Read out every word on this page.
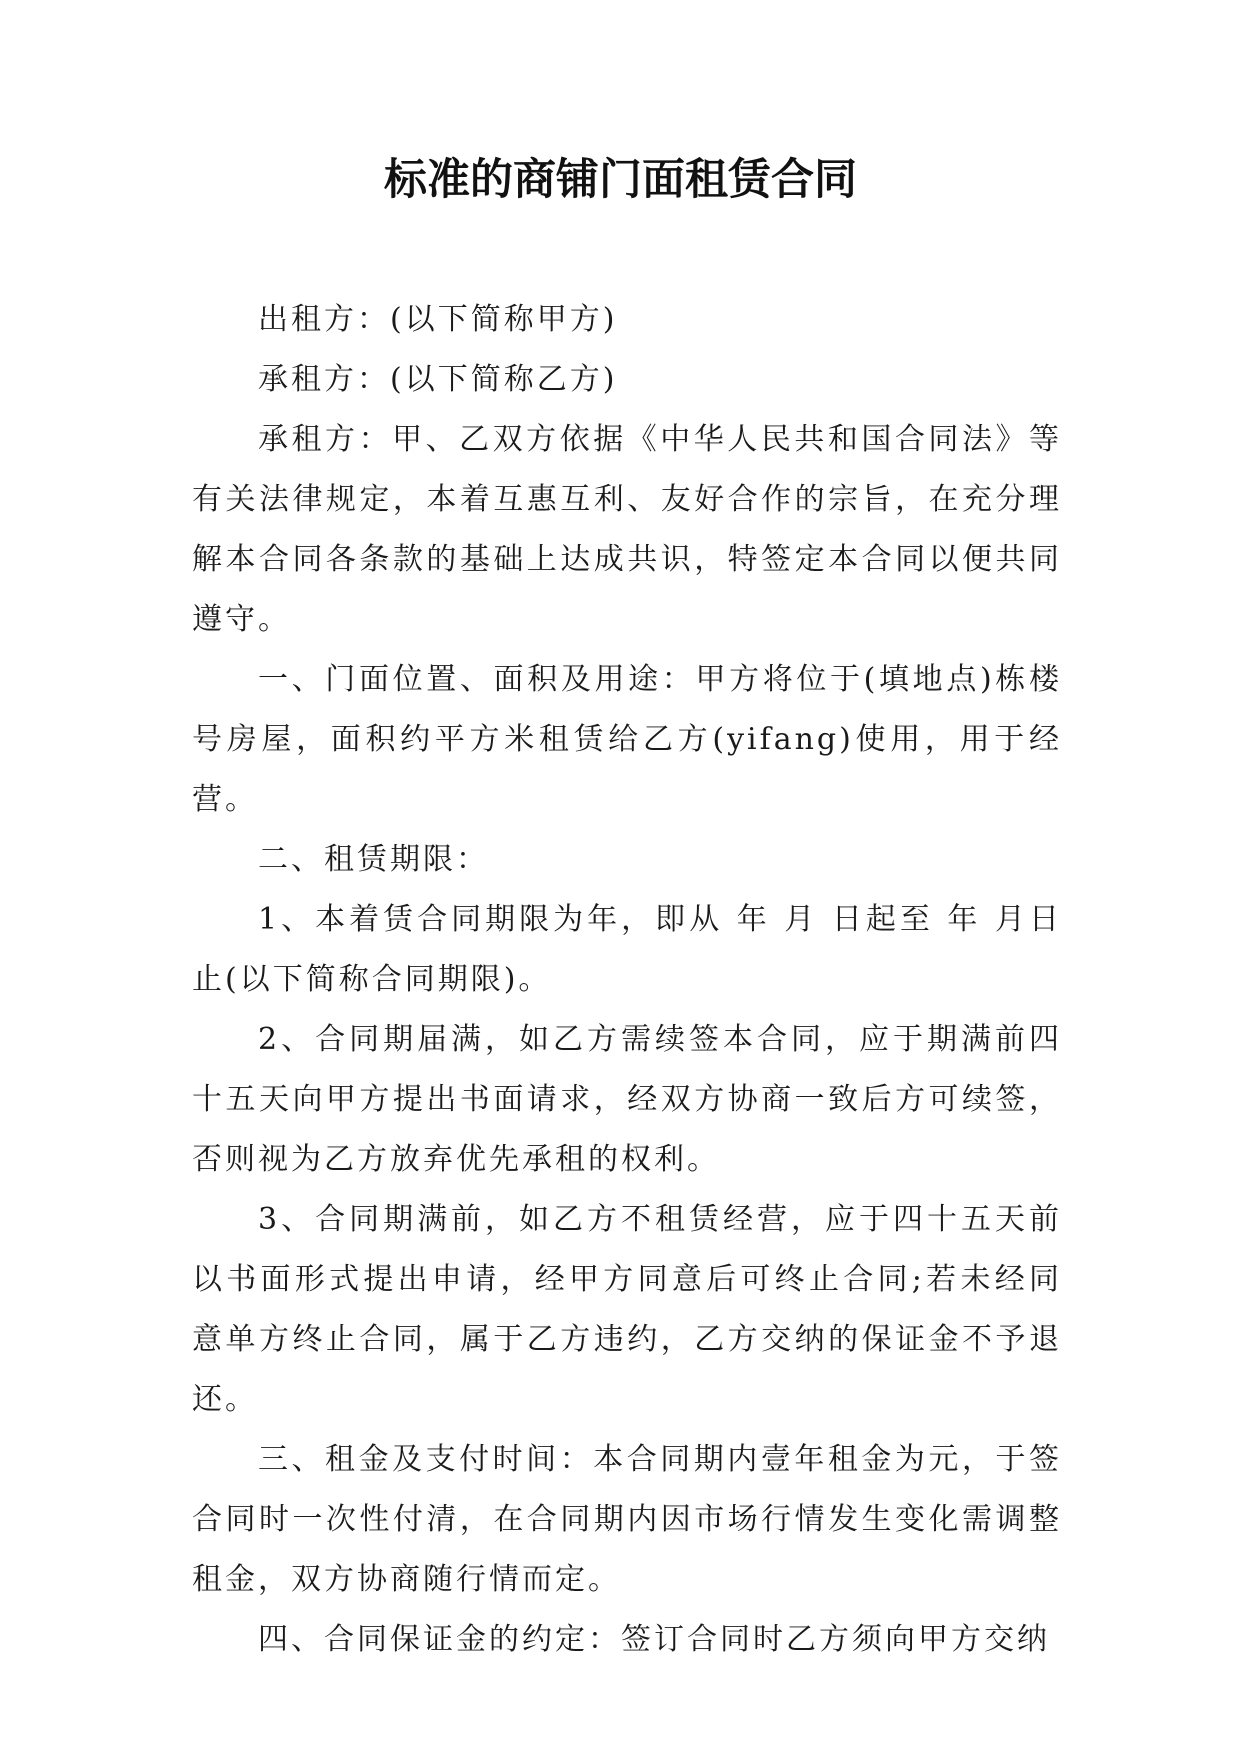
标准的商铺门面租赁合同

出租方：(以下简称甲方)

承租方：(以下简称乙方)

承租方：甲、乙双方依据《中华人民共和国合同法》等有关法律规定，本着互惠互利、友好合作的宗旨，在充分理解本合同各条款的基础上达成共识，特签定本合同以便共同遵守。

一、门面位置、面积及用途：甲方将位于(填地点)栋楼号房屋，面积约平方米租赁给乙方(yifang)使用，用于经营。

二、租赁期限：

1、本着赁合同期限为年，即从 年 月 日起至 年 月日止(以下简称合同期限)。

2、合同期届满，如乙方需续签本合同，应于期满前四十五天向甲方提出书面请求，经双方协商一致后方可续签，否则视为乙方放弃优先承租的权利。

3、合同期满前，如乙方不租赁经营，应于四十五天前以书面形式提出申请，经甲方同意后可终止合同;若未经同意单方终止合同，属于乙方违约，乙方交纳的保证金不予退还。

三、租金及支付时间：本合同期内壹年租金为元，于签合同时一次性付清，在合同期内因市场行情发生变化需调整租金，双方协商随行情而定。

四、合同保证金的约定：签订合同时乙方须向甲方交纳
